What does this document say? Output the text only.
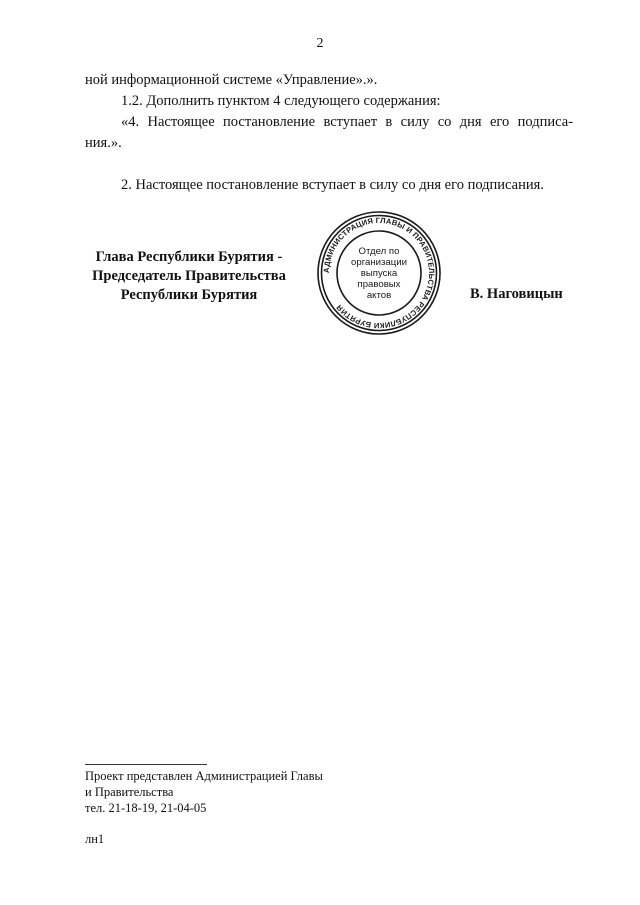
2
ной информационной системе «Управление».».
1.2. Дополнить пунктом 4 следующего содержания:
«4. Настоящее постановление вступает в силу со дня его подписа-
ния.».
2. Настоящее постановление вступает в силу со дня его подписания.
Глава Республики Бурятия -
Председатель Правительства
Республики Бурятия
АДМИНИСТРАЦИЯ ГЛАВЫ И ПРАВИТЕЛЬСТВА РЕСПУБЛИКИ БУРЯТИЯ
Отдел по
организации
выпуска
правовых
актов	В. Наговицын
Проект представлен Администрацией Главы
и Правительства
тел. 21-18-19, 21-04-05
лн1
